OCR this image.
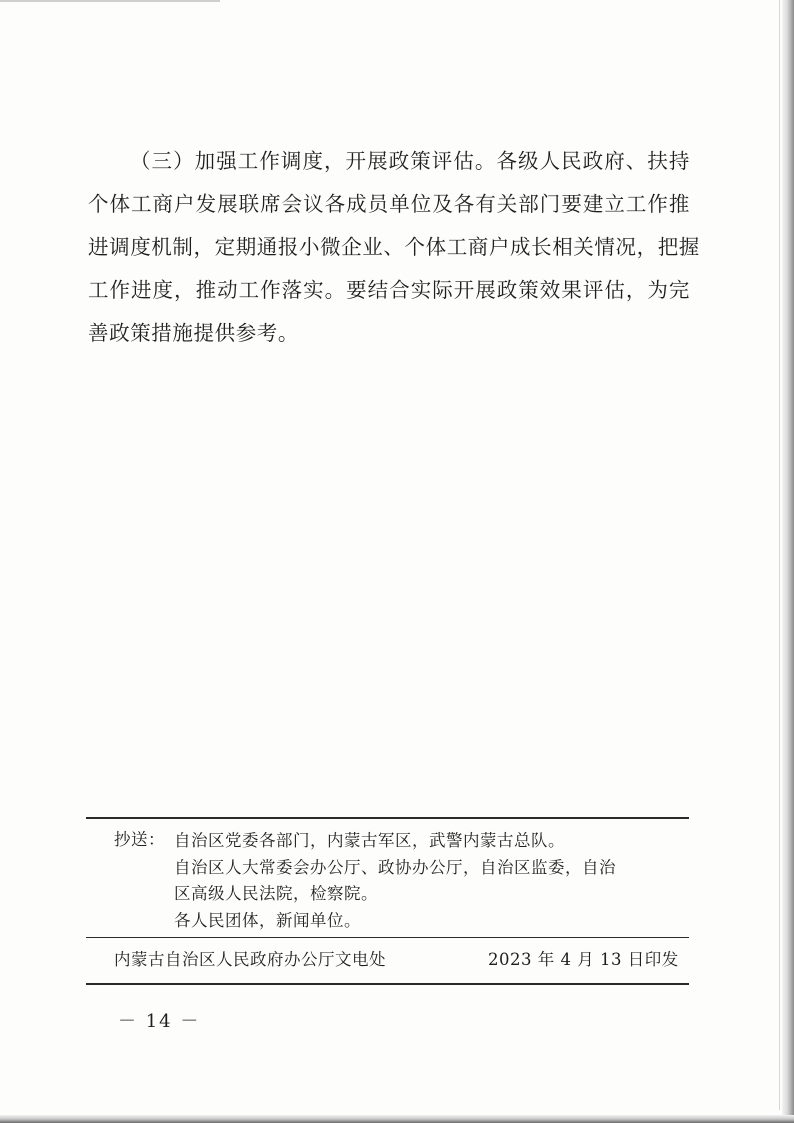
（三）加强工作调度，开展政策评估。各级人民政府、扶持
个体工商户发展联席会议各成员单位及各有关部门要建立工作推
进调度机制，定期通报小微企业、个体工商户成长相关情况，把握
工作进度，推动工作落实。要结合实际开展政策效果评估，为完
善政策措施提供参考。
抄送： 自治区党委各部门，内蒙古军区，武警内蒙古总队。
自治区人大常委会办公厅、政协办公厅，自治区监委，自治
区高级人民法院，检察院。
各人民团体，新闻单位。
内蒙古自治区人民政府办公厅文电处	2023 年 4 月 13 日印发
－ 14 －
